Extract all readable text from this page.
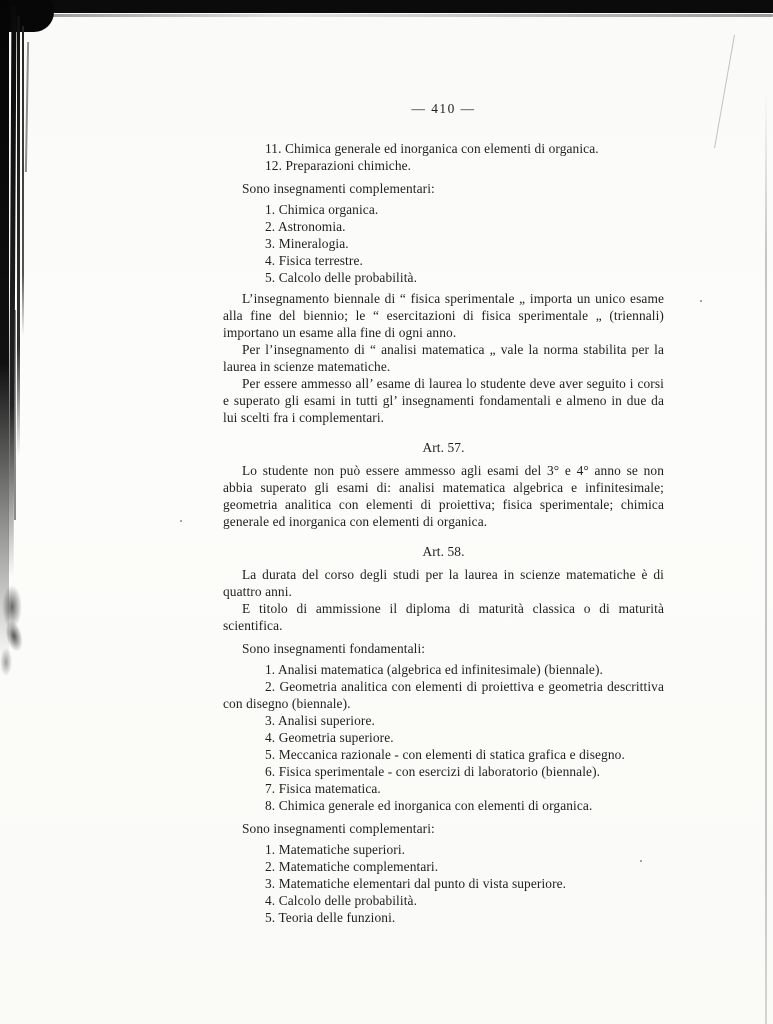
— 410 —

11. Chimica generale ed inorganica con elementi di organica.

12. Preparazioni chimiche.

Sono insegnamenti complementari:

1. Chimica organica.

2. Astronomia.

3. Mineralogia.

4. Fisica terrestre.

5. Calcolo delle probabilità.

L’insegnamento biennale di “ fisica sperimentale „ importa un unico esame alla fine del biennio; le “ esercitazioni di fisica sperimentale „ (triennali) importano un esame alla fine di ogni anno.

Per l’insegnamento di “ analisi matematica „ vale la norma stabilita per la laurea in scienze matematiche.

Per essere ammesso all’ esame di laurea lo studente deve aver seguito i corsi e superato gli esami in tutti gl’ insegnamenti fondamentali e almeno in due da lui scelti fra i complementari.

Art. 57.

Lo studente non può essere ammesso agli esami del 3° e 4° anno se non abbia superato gli esami di: analisi matematica algebrica e infinitesimale; geometria analitica con elementi di proiettiva; fisica sperimentale; chimica generale ed inorganica con elementi di organica.

Art. 58.

La durata del corso degli studi per la laurea in scienze matematiche è di quattro anni.

E titolo di ammissione il diploma di maturità classica o di maturità scientifica.

Sono insegnamenti fondamentali:

1. Analisi matematica (algebrica ed infinitesimale) (biennale).

2. Geometria analitica con elementi di proiettiva e geometria descrittiva con disegno (biennale).

3. Analisi superiore.

4. Geometria superiore.

5. Meccanica razionale - con elementi di statica grafica e disegno.

6. Fisica sperimentale - con esercizi di laboratorio (biennale).

7. Fisica matematica.

8. Chimica generale ed inorganica con elementi di organica.

Sono insegnamenti complementari:

1. Matematiche superiori.

2. Matematiche complementari.

3. Matematiche elementari dal punto di vista superiore.

4. Calcolo delle probabilità.

5. Teoria delle funzioni.
